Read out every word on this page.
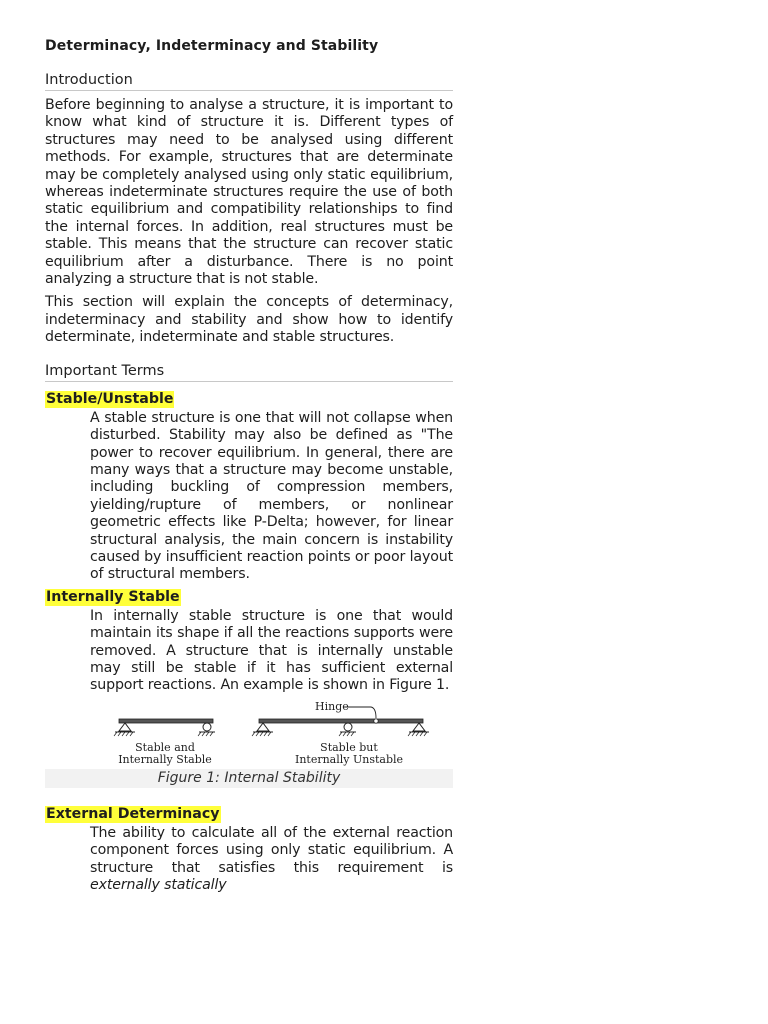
Determinacy, Indeterminacy and Stability
Introduction

Before beginning to analyse a structure, it is important to know what kind of structure it is. Different types of structures may need to be analysed using different methods. For example, structures that are determinate may be completely analysed using only static equilibrium, whereas indeterminate structures require the use of both static equilibrium and compatibility relationships to find the internal forces. In addition, real structures must be stable. This means that the structure can recover static equilibrium after a disturbance. There is no point analyzing a structure that is not stable.

This section will explain the concepts of determinacy, indeterminacy and stability and show how to identify determinate, indeterminate and stable structures.

Important Terms
Stable/Unstable

A stable structure is one that will not collapse when disturbed. Stability may also be defined as "The power to recover equilibrium. In general, there are many ways that a structure may become unstable, including buckling of compression members, yielding/rupture of members, or nonlinear geometric effects like P-Delta; however, for linear structural analysis, the main concern is instability caused by insufficient reaction points or poor layout of structural members.

Internally Stable

In internally stable structure is one that would maintain its shape if all the reactions supports were removed. A structure that is internally unstable may still be stable if it has sufficient external support reactions. An example is shown in Figure 1.

Stable and
Internally Stable
Hinge
Stable but
Internally Unstable
Figure 1: Internal Stability
External Determinacy

The ability to calculate all of the external reaction component forces using only static equilibrium. A structure that satisfies this requirement is externally statically
